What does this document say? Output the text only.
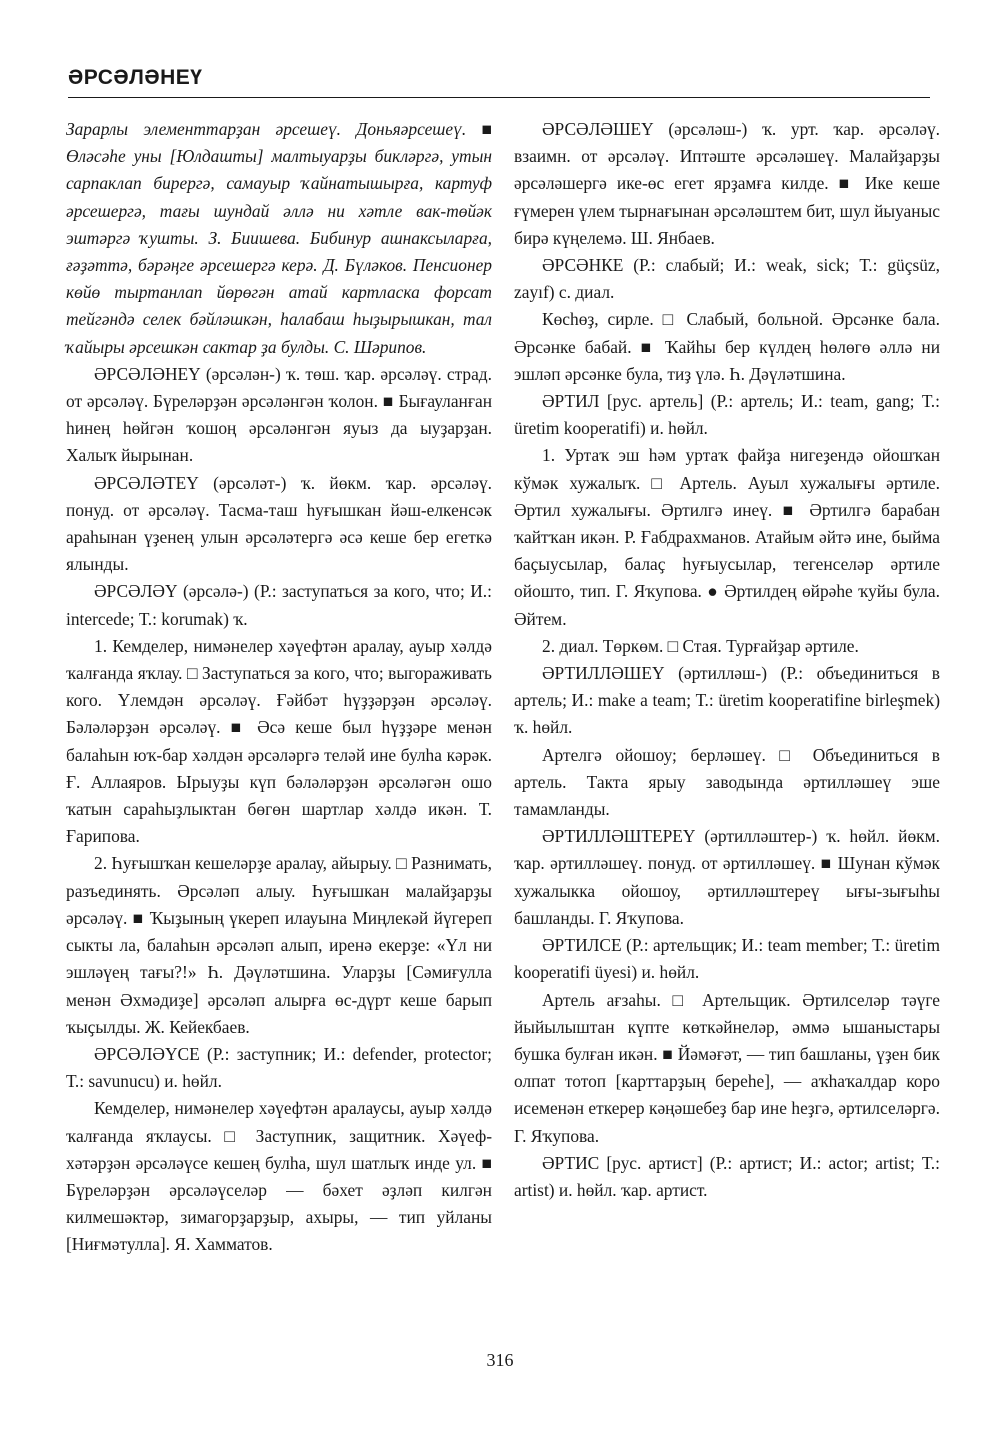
ƏРСƏЛƏНЕҮ

Зарарлы элементтарҙан әрсешеү. Доньяәрсешеү. ■ Өләсәһе уны [Юлдашты] малтыуарҙы бикләргә, утын сарпаклап бирергә, самауыр ҡайнатышырға, картуф әрсешергә, тағы шундай әллә ни хәтле вак-төйәк эштәргә ҡушты. З. Биишева. Бибинур ашнаксыларға, ғәҙәттә, бәрәңге әрсешергә керә. Д. Бүләков. Пенсионер көйө тыртанлап йөрөгән атай картласка форсат тейгәндә селек бәйләшкән, һалабаш һыҙырышкан, тал ҡайыры әрсешкән сактар ҙа булды. С. Шәрипов.

ӘРСӘЛӘНЕҮ (әрсәлән-) ҡ. төш. ҡар. әрсәләү. страд. от әрсәләү. Бүреләрҙән әрсәләнгән ҡолон. ■ Бығауланған һинең һөйгән ҡошоң әрсәләнгән яуыз да ыуҙарҙан. Халыҡ йырынан.

ӘРСӘЛӘТЕҮ (әрсәләт-) ҡ. йөкм. ҡар. әрсәләү. понуд. от әрсәләү. Тасма-таш һуғышкан йәш-елкенсәк араһынан үҙенең улын әрсәләтергә әсә кеше бер егеткә ялынды.

ӘРСӘЛӘҮ (әрсәлә-) (Р.: заступаться за кого, что; И.: intercede; Т.: korumak) ҡ.

1. Кемделер, нимәнелер хәүефтән аралау, ауыр хәлдә ҡалғанда яҡлау. □ Заступаться за кого, что; выгораживать кого. Үлемдән әрсәләү. Ғәйбәт һүҙҙәрҙән әрсәләү. Бәләләрҙән әрсәләү. ■ Әсә кеше был һүҙҙәре менән балаһын юҡ-бар хәлдән әрсәләргә теләй ине булһа кәрәк. Ғ. Аллаяров. Ырыуҙы күп бәләләрҙән әрсәләгән ошо ҡатын сараһыҙлыктан бөгөн шартлар хәлдә икән. Т. Ғарипова.

2. Һуғышҡан кешеләрҙе аралау, айырыу. □ Разнимать, разъединять. Әрсәләп алыу. Һуғышкан малайҙарҙы әрсәләү. ■ Ҡыҙының үкереп илауына Миңлекәй йүгереп сыкты ла, балаһын әрсәләп алып, иренә екерҙе: «Үл ни эшләүең тағы?!» Һ. Дәүләтшина. Уларҙы [Сәмиғулла менән Әхмәдиҙе] әрсәләп алырға өс-дүрт кеше барып ҡыҫылды. Ж. Кейекбаев.

ӘРСӘЛӘҮСЕ (Р.: заступник; И.: defender, protector; Т.: savunucu) и. һөйл.

Кемделер, нимәнелер хәүефтән аралаусы, ауыр хәлдә ҡалғанда яҡлаусы. □ Заступник, защитник. Хәүеф-хәтәрҙән әрсәләүсе кешең булһа, шул шатлыҡ инде ул. ■ Бүреләрҙән әрсәләүселәр — бәхет әҙләп килгән килмешәктәр, зимагорҙарҙыр, ахыры, — тип уйланы [Ниғмәтулла]. Я. Хамматов.

ӘРСӘЛӘШЕҮ (әрсәләш-) ҡ. урт. ҡар. әрсәләү. взаимн. от әрсәләү. Иптәште әрсәләшеү. Малайҙарҙы әрсәләшергә ике-өс егет ярҙамға килде. ■ Ике кеше ғүмерен үлем тырнағынан әрсәләштем бит, шул йыуаныс бирә күңелемә. Ш. Янбаев.

ӘРСӘНКЕ (Р.: слабый; И.: weak, sick; Т.: güçsüz, zayıf) с. диал.

Көсһөҙ, сирле. □ Слабый, больной. Әрсәнке бала. Әрсәнке бабай. ■ Ҡайһы бер күлдең һөлөгө әллә ни эшләп әрсәнке була, тиҙ үлә. Һ. Дәүләтшина.

ӘРТИЛ [рус. артель] (Р.: артель; И.: team, gang; Т.: üretim kooperatifi) и. һөйл.

1. Уртаҡ эш һәм уртаҡ файҙа нигеҙендә ойошҡан кўмәк хужалыҡ. □ Артель. Ауыл хужалығы әртиле. Әртил хужалығы. Әртилгә инеү. ■ Әртилгә барабан ҡайтҡан икән. Р. Ғабдрахманов. Атайым әйтә ине, быйма баҫыусылар, балаҫ һуғыусылар, тегенселәр әртиле ойошто, тип. Г. Яҡупова. ● Әртилдең өйрәһе ҡуйы була. Әйтем.

2. диал. Төркөм. □ Стая. Турғайҙар әртиле.

ӘРТИЛЛӘШЕҮ (әртилләш-) (Р.: объединиться в артель; И.: make a team; Т.: üretim kooperatifine birleşmek) ҡ. һөйл.

Артелгә ойошоу; берләшеү. □ Объединиться в артель. Такта ярыу заводында әртилләшеү эше тамамланды.

ӘРТИЛЛӘШТЕРЕҮ (әртилләштер-) ҡ. һөйл. йөкм. ҡар. әртилләшеү. понуд. от әртилләшеү. ■ Шунан кўмәк хужалыкка ойошоу, әртилләштереү ығы-зығыһы башланды. Г. Яҡупова.

ӘРТИЛСЕ (Р.: артельщик; И.: team member; Т.: üretim kooperatifi üyesi) и. һөйл.

Артель ағзаһы. □ Артельщик. Әртилселәр тәүге йыйылыштан күпте көткәйнеләр, әммә ышаныстары бушка булған икән. ■ Йәмәғәт, — тип башланы, үҙен бик олпат тотоп [карттарҙың береһе], — аҡһаҡалдар коро исеменән еткерер кәңәшебеҙ бар ине һеҙгә, әртилселәргә. Г. Яҡупова.

ӘРТИС [рус. артист] (Р.: артист; И.: actor; artist; Т.: artist) и. һөйл. ҡар. артист.

316
